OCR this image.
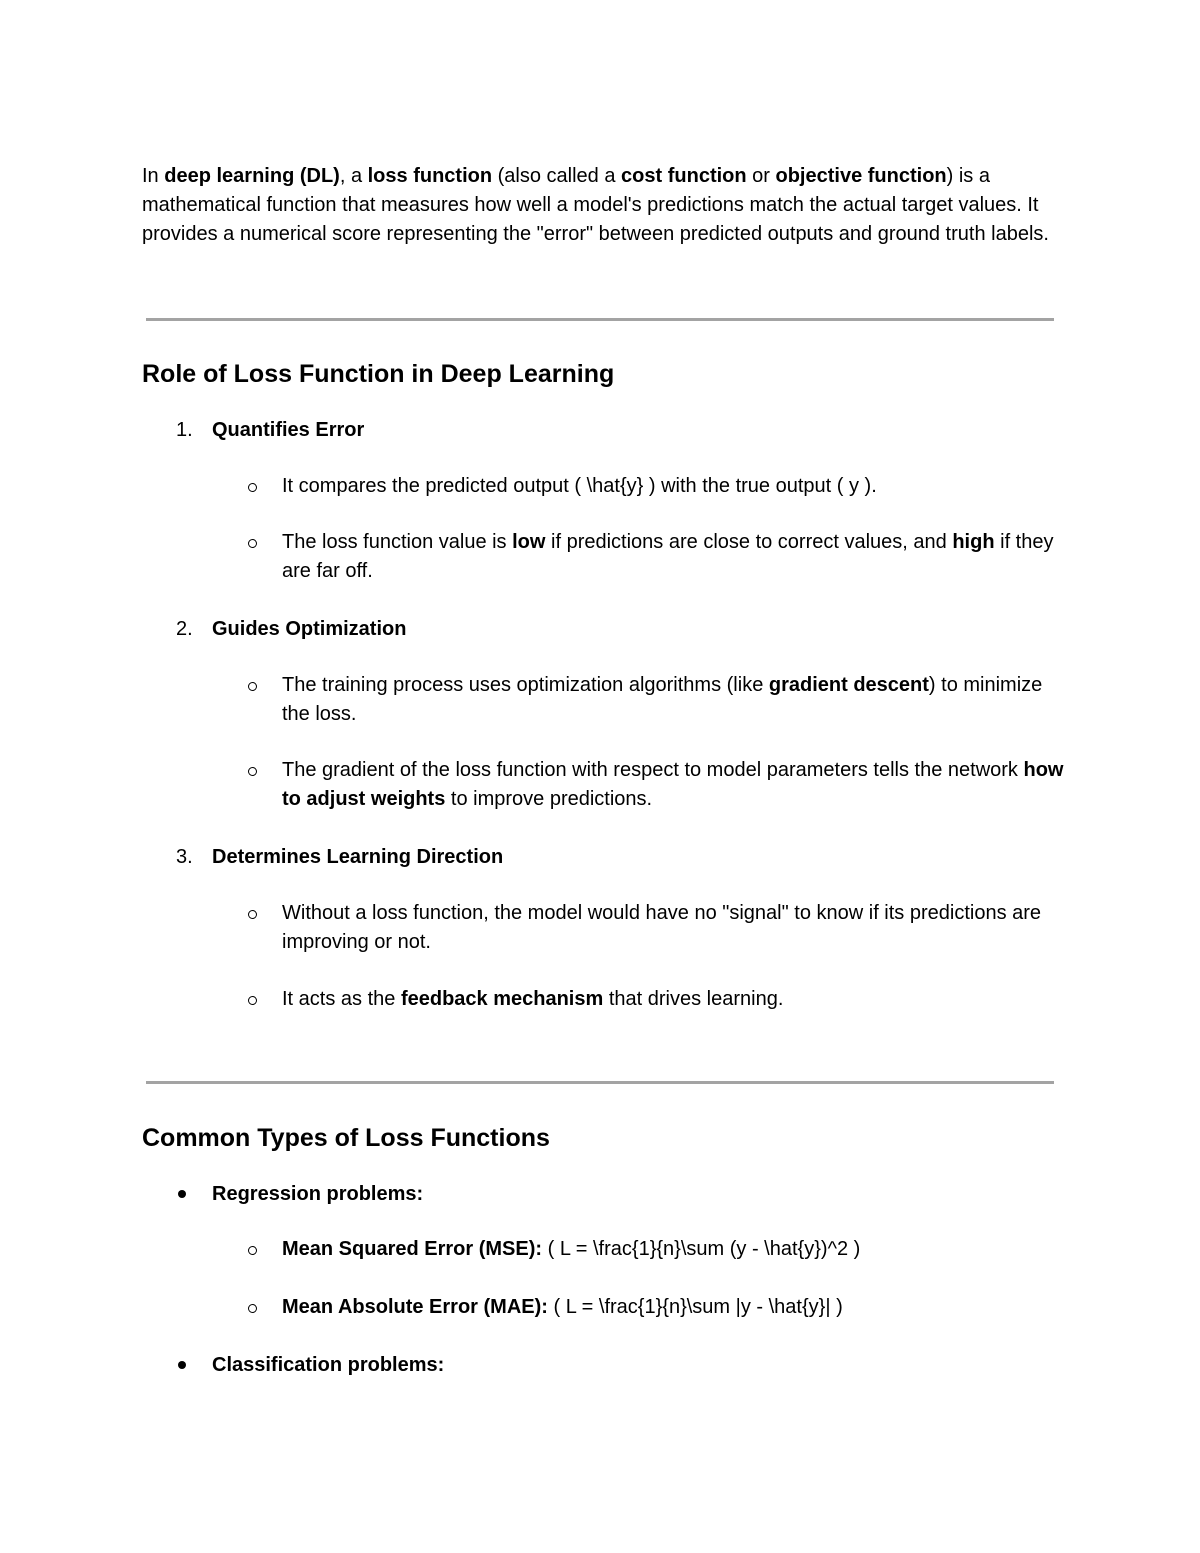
In deep learning (DL), a loss function (also called a cost function or objective function) is a mathematical function that measures how well a model's predictions match the actual target values. It provides a numerical score representing the "error" between predicted outputs and ground truth labels.

Role of Loss Function in Deep Learning
1. Quantifies Error

It compares the predicted output ( \hat{y} ) with the true output ( y ).

The loss function value is low if predictions are close to correct values, and high if they are far off.

2. Guides Optimization

The training process uses optimization algorithms (like gradient descent) to minimize the loss.

The gradient of the loss function with respect to model parameters tells the network how to adjust weights to improve predictions.

3. Determines Learning Direction

Without a loss function, the model would have no "signal" to know if its predictions are improving or not.

It acts as the feedback mechanism that drives learning.

Common Types of Loss Functions
Regression problems:

Mean Squared Error (MSE): ( L = \frac{1}{n}\sum (y - \hat{y})^2 )

Mean Absolute Error (MAE): ( L = \frac{1}{n}\sum |y - \hat{y}| )

Classification problems:
